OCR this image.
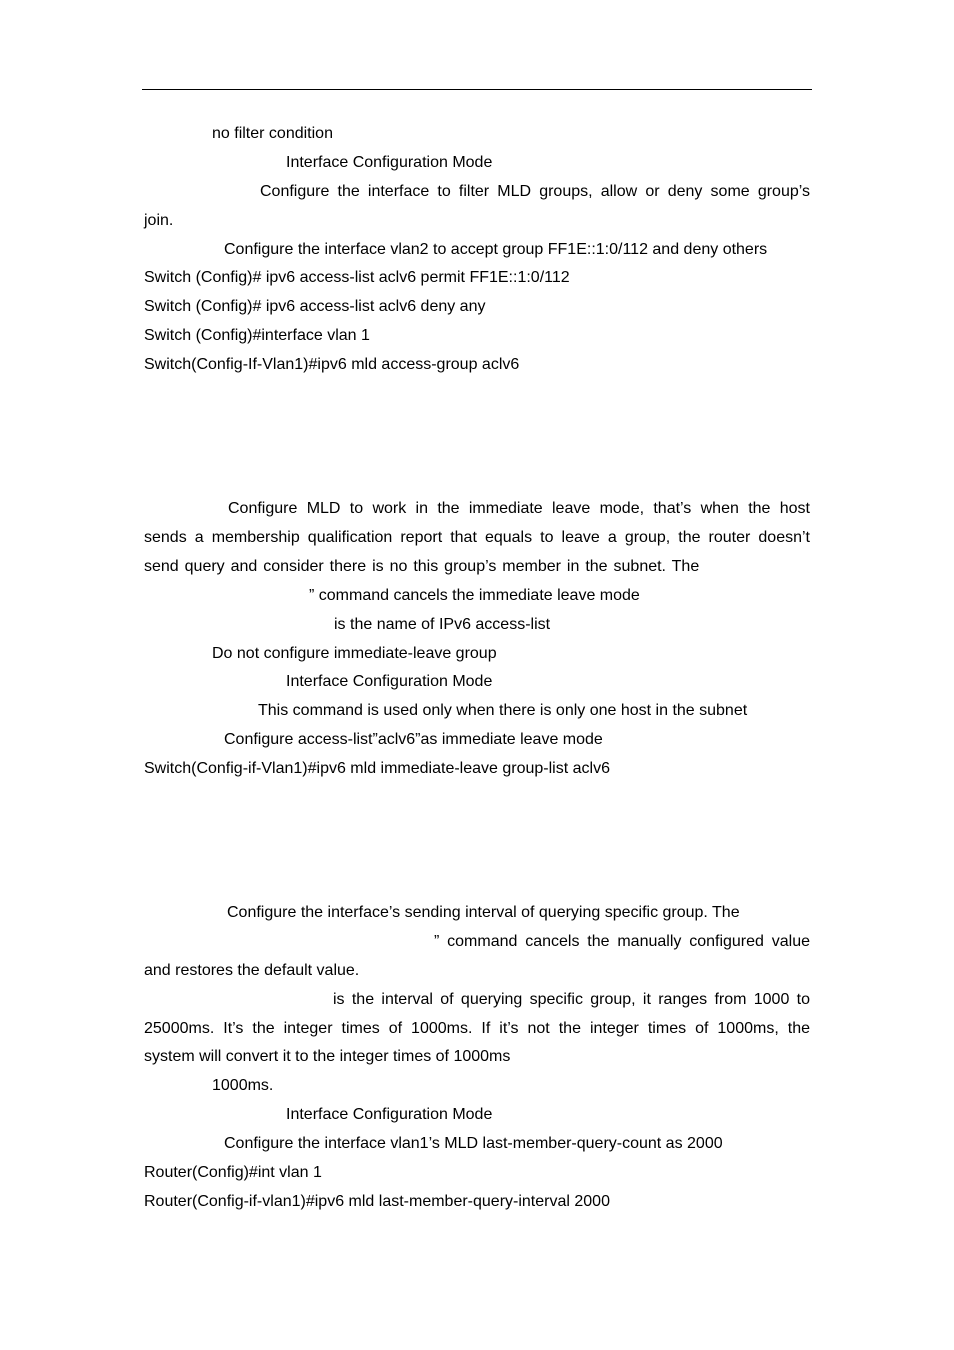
no filter condition
Interface Configuration Mode
Configure the interface to filter MLD groups, allow or deny some group’s
join.
Configure the interface vlan2 to accept group FF1E::1:0/112 and deny others
Switch (Config)# ipv6 access-list aclv6 permit FF1E::1:0/112
Switch (Config)# ipv6 access-list aclv6 deny any
Switch (Config)#interface vlan 1
Switch(Config-If-Vlan1)#ipv6 mld access-group aclv6
Configure MLD to work in the immediate leave mode, that’s when the host
sends a membership qualification report that equals to leave a group, the router doesn’t
send query and consider there is no this group’s member in the subnet. The
” command cancels the immediate leave mode
is the name of IPv6 access-list
Do not configure immediate-leave group
Interface Configuration Mode
This command is used only when there is only one host in the subnet
Configure access-list”aclv6”as immediate leave mode
Switch(Config-if-Vlan1)#ipv6 mld immediate-leave group-list aclv6
Configure the interface’s sending interval of querying specific group. The
” command cancels the manually configured value
and restores the default value.
is the interval of querying specific group, it ranges from 1000 to
25000ms. It’s the integer times of 1000ms. If it’s not the integer times of 1000ms, the
system will convert it to the integer times of 1000ms
1000ms.
Interface Configuration Mode
Configure the interface vlan1’s MLD last-member-query-count as 2000
Router(Config)#int vlan 1
Router(Config-if-vlan1)#ipv6 mld last-member-query-interval 2000
